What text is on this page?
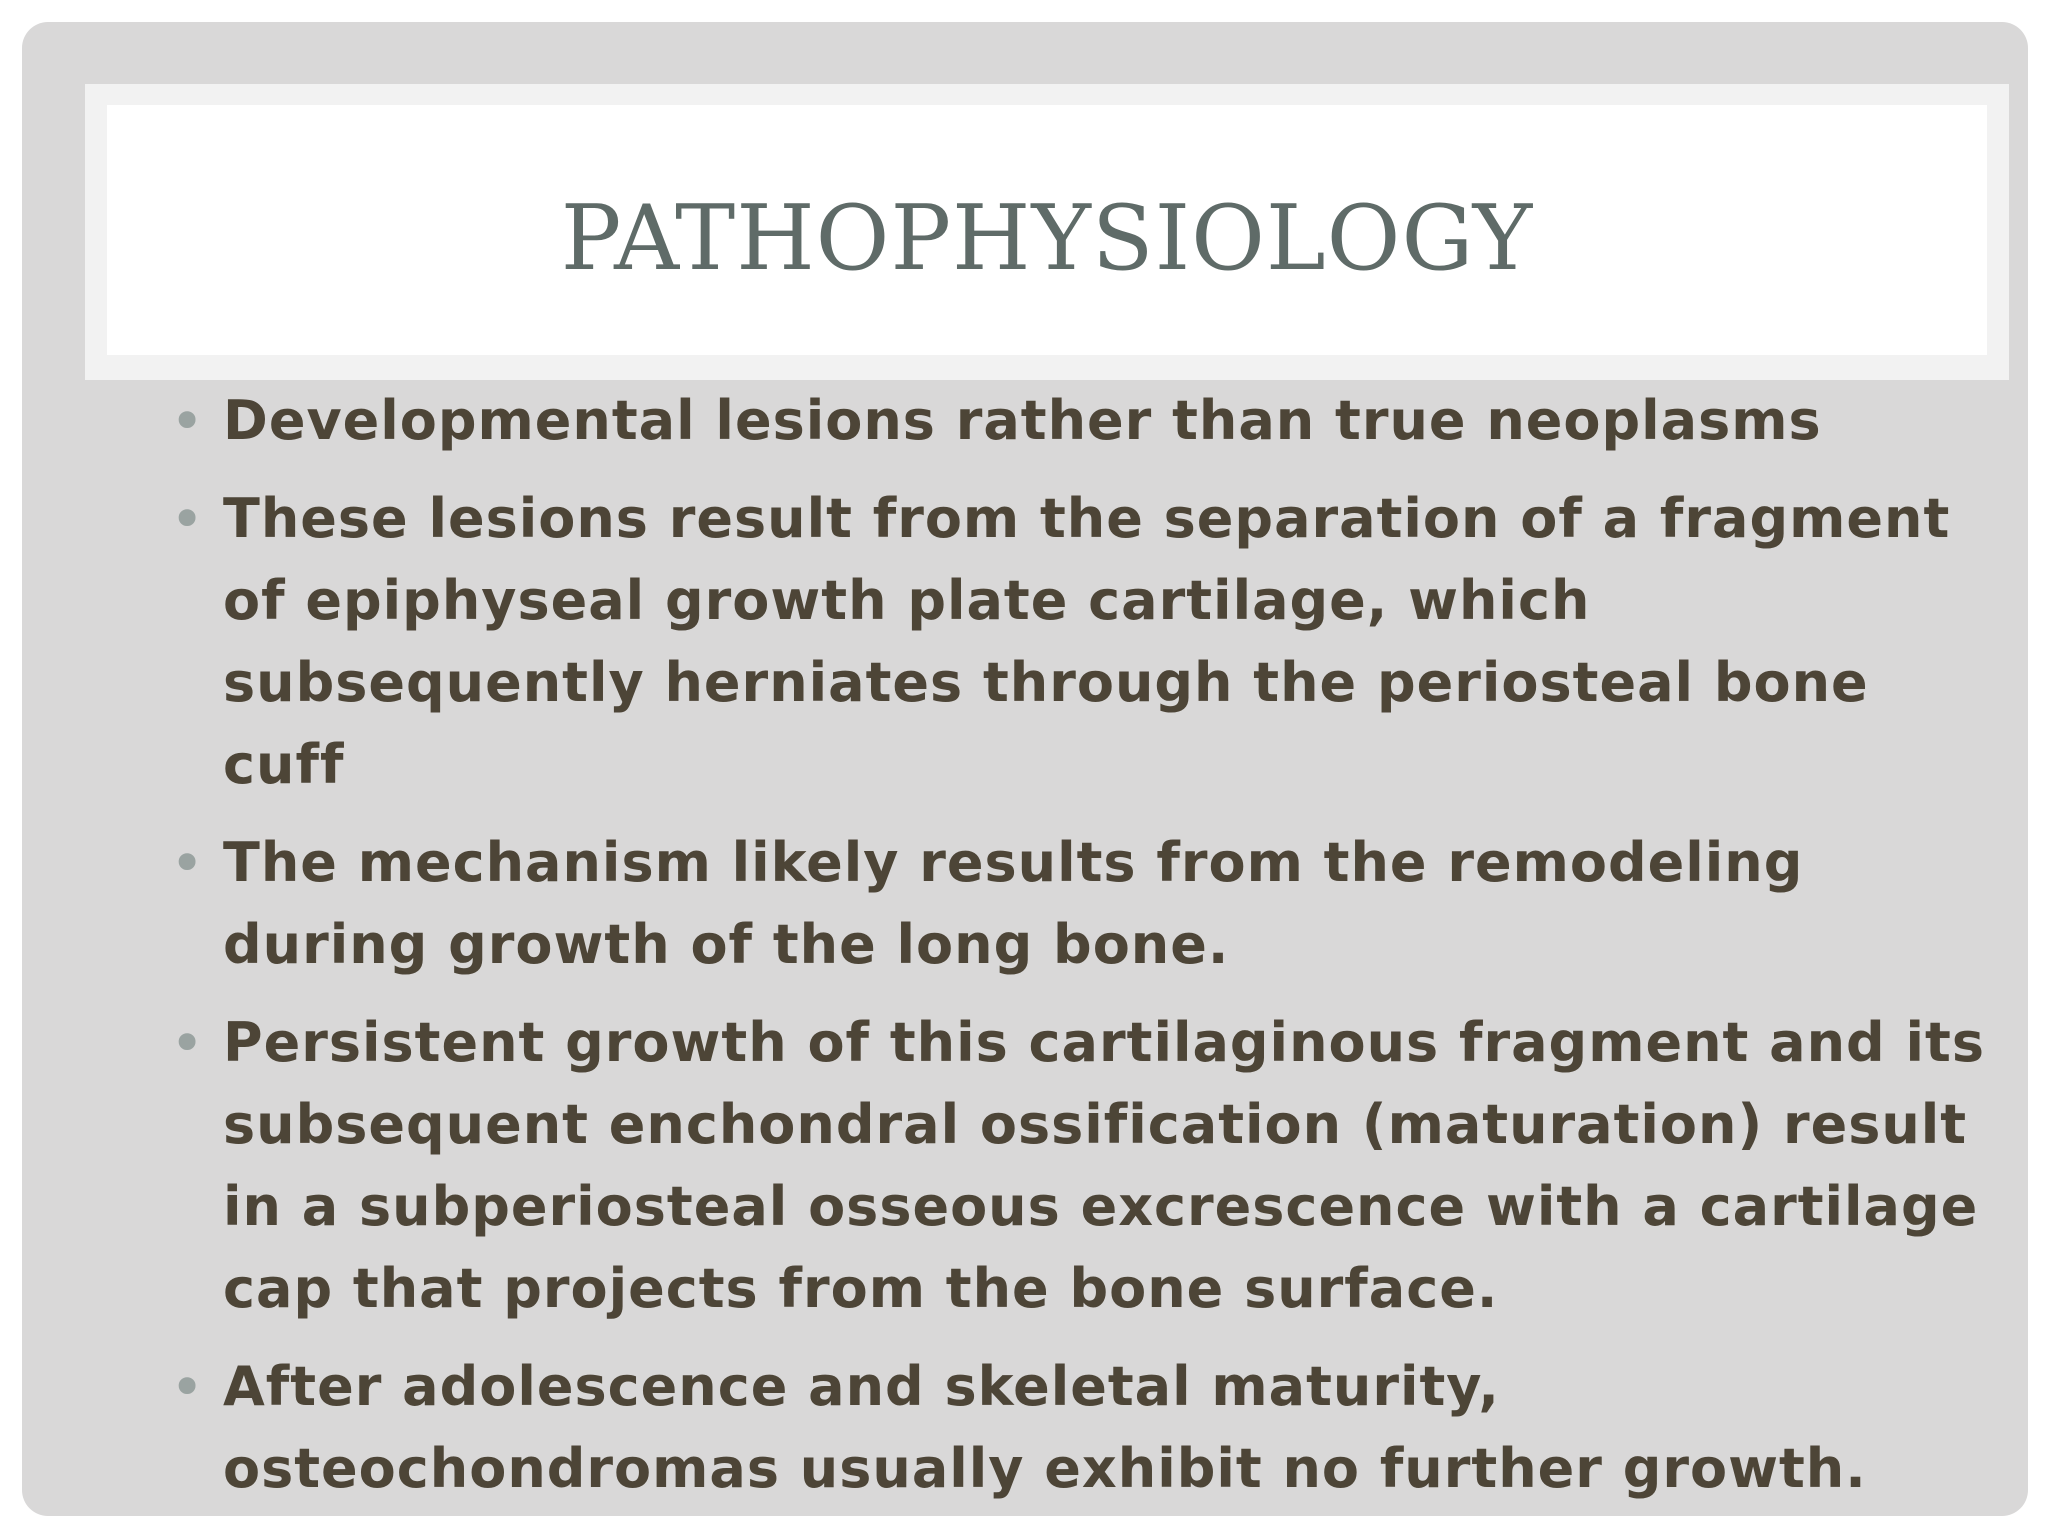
PATHOPHYSIOLOGY
• Developmental lesions rather than true neoplasms
• These lesions result from the separation of a fragment of epiphyseal growth plate cartilage, which subsequently herniates through the periosteal bone cuff
• The mechanism likely results from the remodeling during growth of the long bone.
• Persistent growth of this cartilaginous fragment and its subsequent enchondral ossification (maturation) result in a subperiosteal osseous excrescence with a cartilage cap that projects from the bone surface.
• After adolescence and skeletal maturity, osteochondromas usually exhibit no further growth.
